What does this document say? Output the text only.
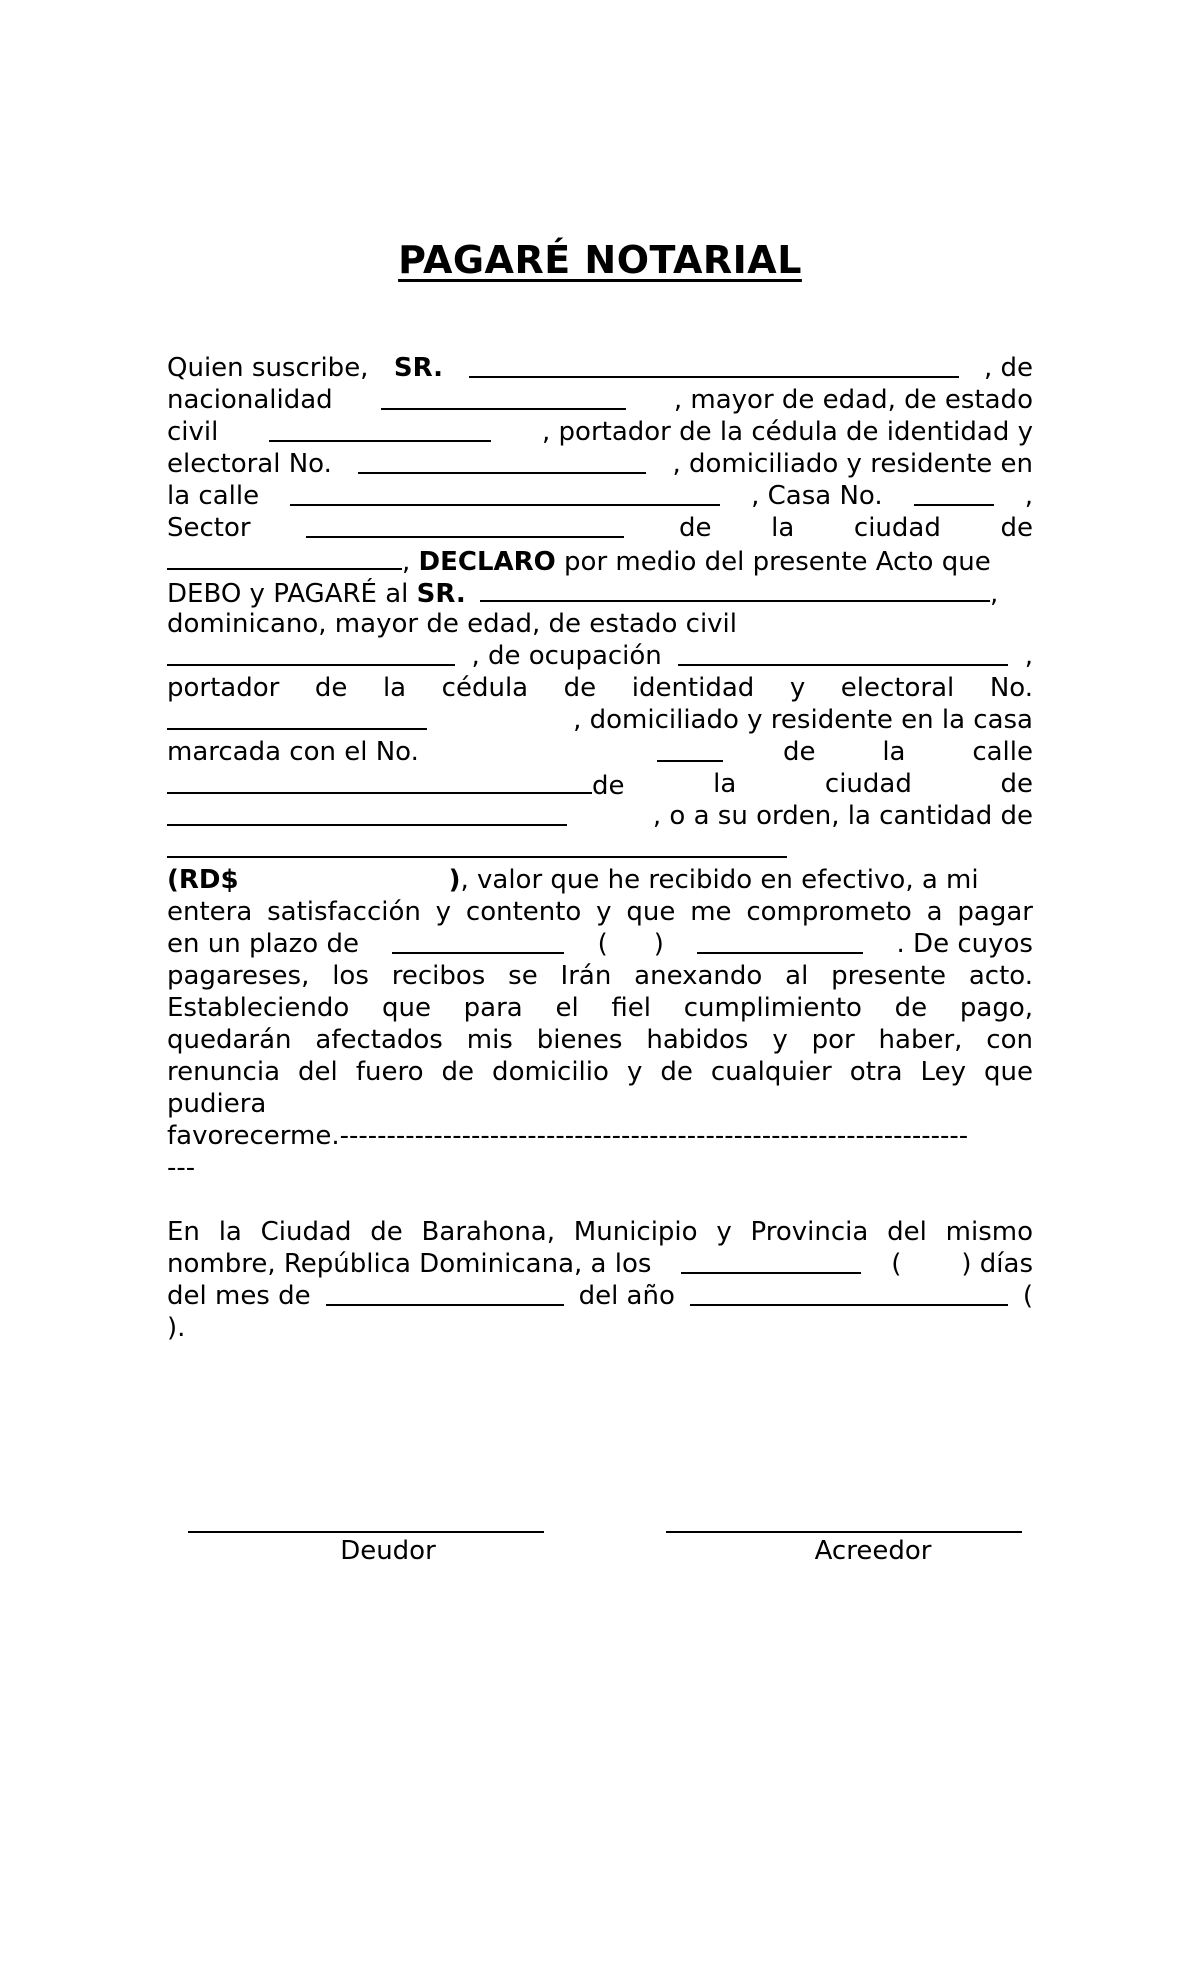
PAGARÉ NOTARIAL
Quien suscribe, SR.	, de
nacionalidad	, mayor de edad, de estado
civil	, portador de la cédula de identidad y
electoral No.	, domiciliado y residente en
la calle	, Casa No.	,
Sector	de la ciudad de
, DECLARO por medio del presente Acto que
DEBO y PAGARÉ al SR.	,
dominicano, mayor de edad, de estado civil
, de ocupación	,
portador de la cédula de identidad y electoral No.
, domiciliado y residente en la casa
marcada con el No.	de la calle
de	la	ciudad	de
, o a su orden, la cantidad de
(RD$	), valor que he recibido en efectivo, a mi
entera satisfacción y contento y que me comprometo a pagar
en un plazo de	( )	. De cuyos
pagareses, los recibos se Irán anexando al presente acto.
Estableciendo que para el fiel cumplimiento de pago,
quedarán afectados mis bienes habidos y por haber, con
renuncia del fuero de domicilio y de cualquier otra Ley que
pudiera
favorecerme.-------------------------------------------------------------------
---
En la Ciudad de Barahona, Municipio y Provincia del mismo
nombre, República Dominicana, a los	( ) días
del mes de	del año	(
).
Deudor	Acreedor
